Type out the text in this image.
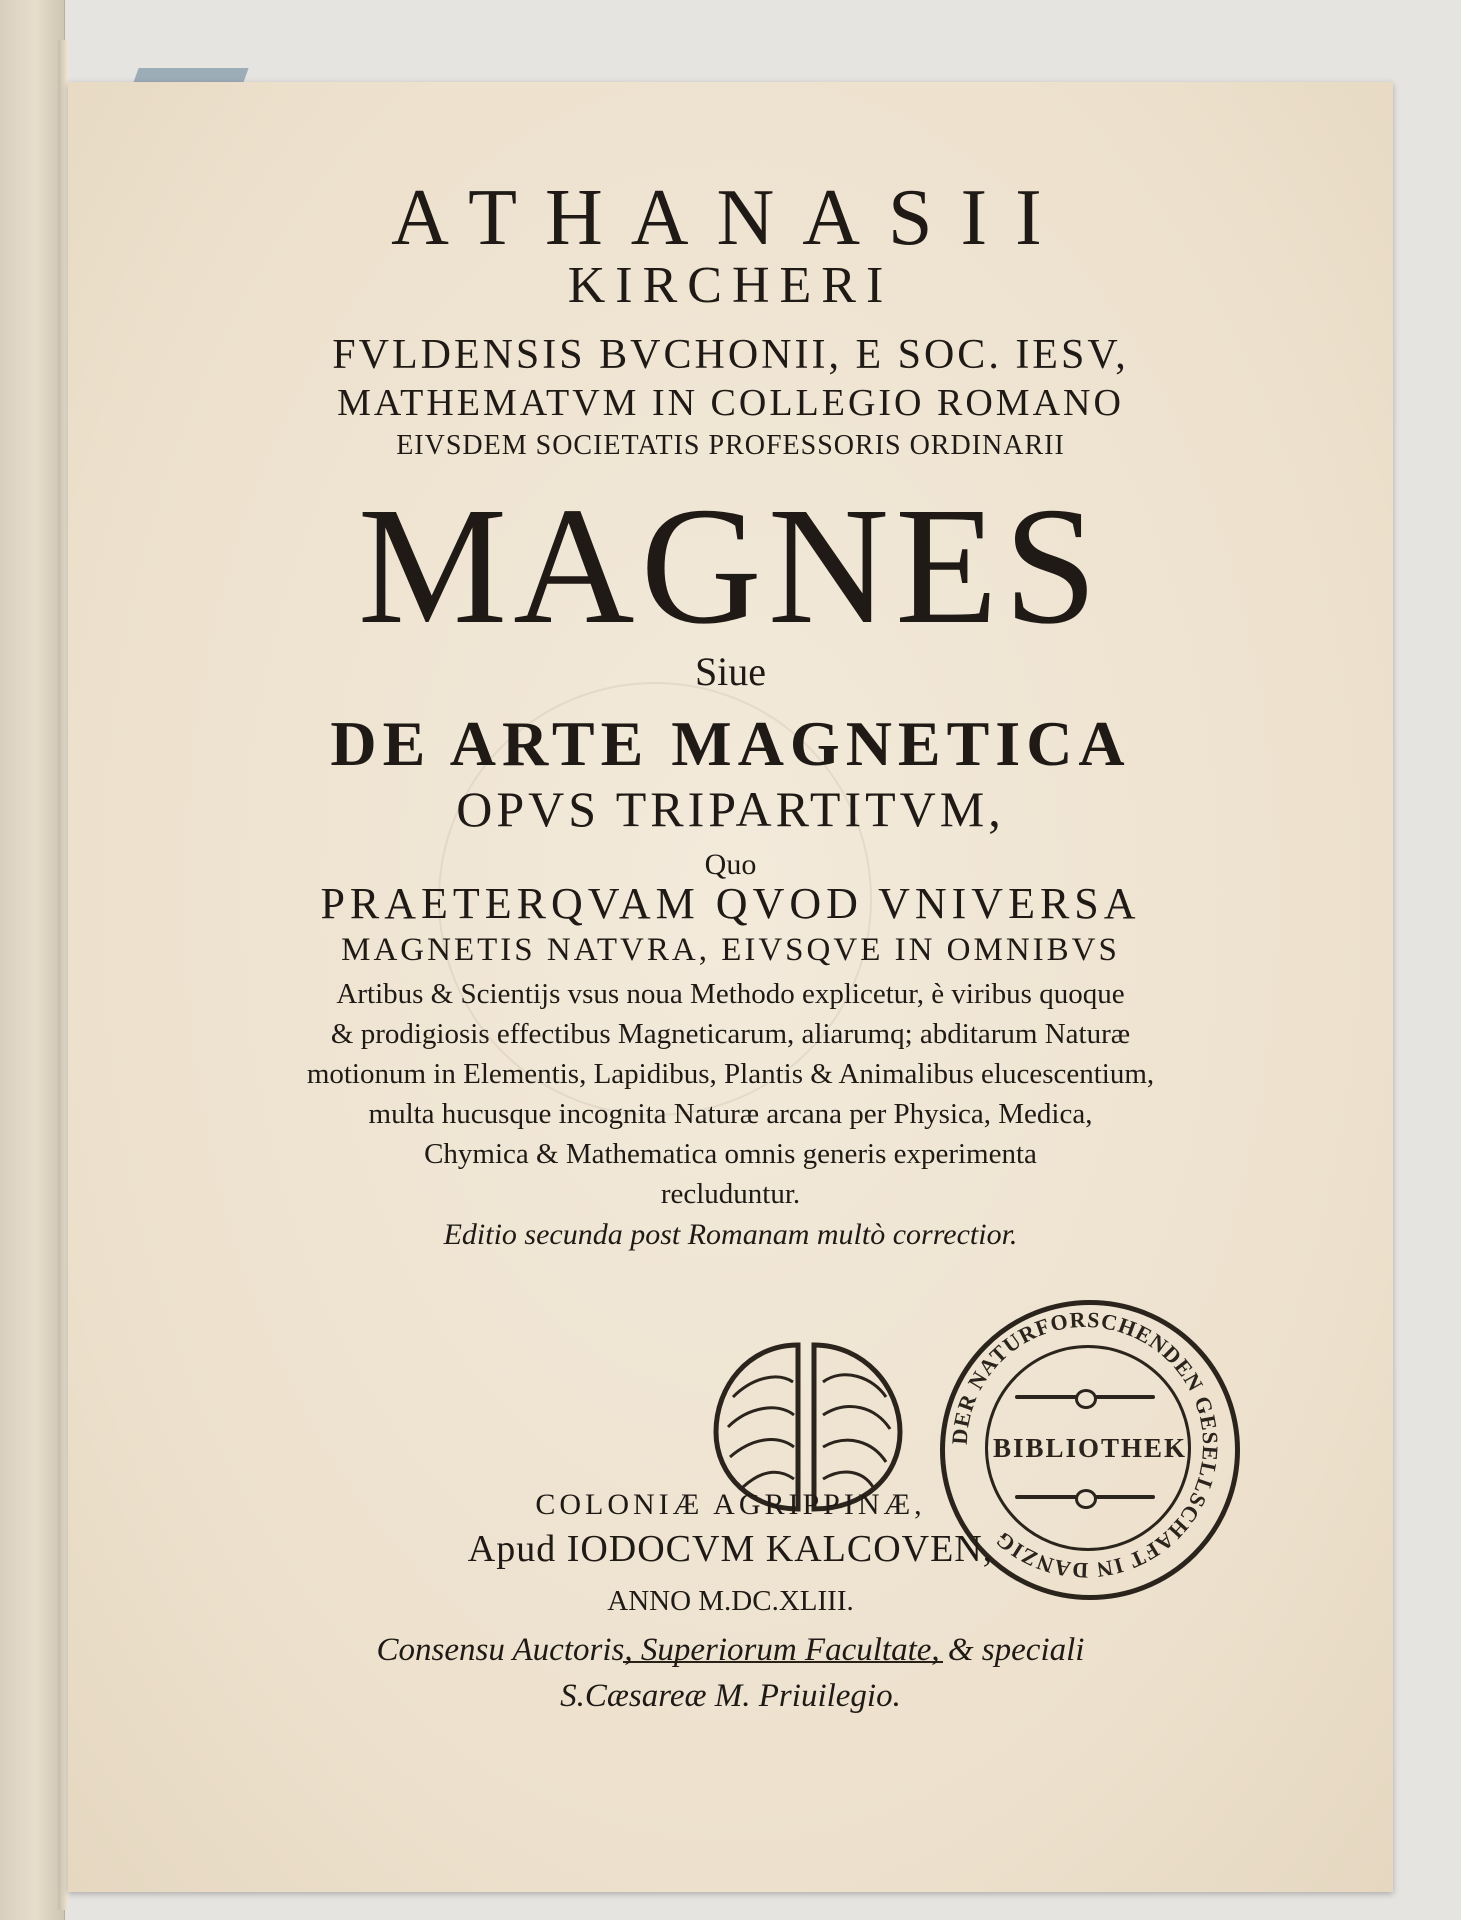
ATHANASII
KIRCHERI
FVLDENSIS BVCHONII, E SOC. IESV,
MATHEMATVM IN COLLEGIO ROMANO
EIVSDEM SOCIETATIS PROFESSORIS ORDINARII
MAGNES
Siue
DE ARTE MAGNETICA
OPVS TRIPARTITVM,
Quo
PRAETERQVAM QVOD VNIVERSA
MAGNETIS NATVRA, EIVSQVE IN OMNIBVS
Artibus & Scientijs vsus noua Methodo explicetur, è viribus quoque
& prodigiosis effectibus Magneticarum, aliarumq; abditarum Naturæ
motionum in Elementis, Lapidibus, Plantis & Animalibus elucescentium,
multa hucusque incognita Naturæ arcana per Physica, Medica,
Chymica & Mathematica omnis generis experimenta
recluduntur.
Editio secunda post Romanam multò correctior.
DER NATURFORSCHENDEN GESELLSCHAFT IN DANZIG
BIBLIOTHEK
COLONIÆ AGRIPPINÆ,
Apud IODOCVM KALCOVEN,
ANNO M.DC.XLIII.
Consensu Auctoris, Superiorum Facultate, & speciali
S.Cæsareæ M. Priuilegio.
